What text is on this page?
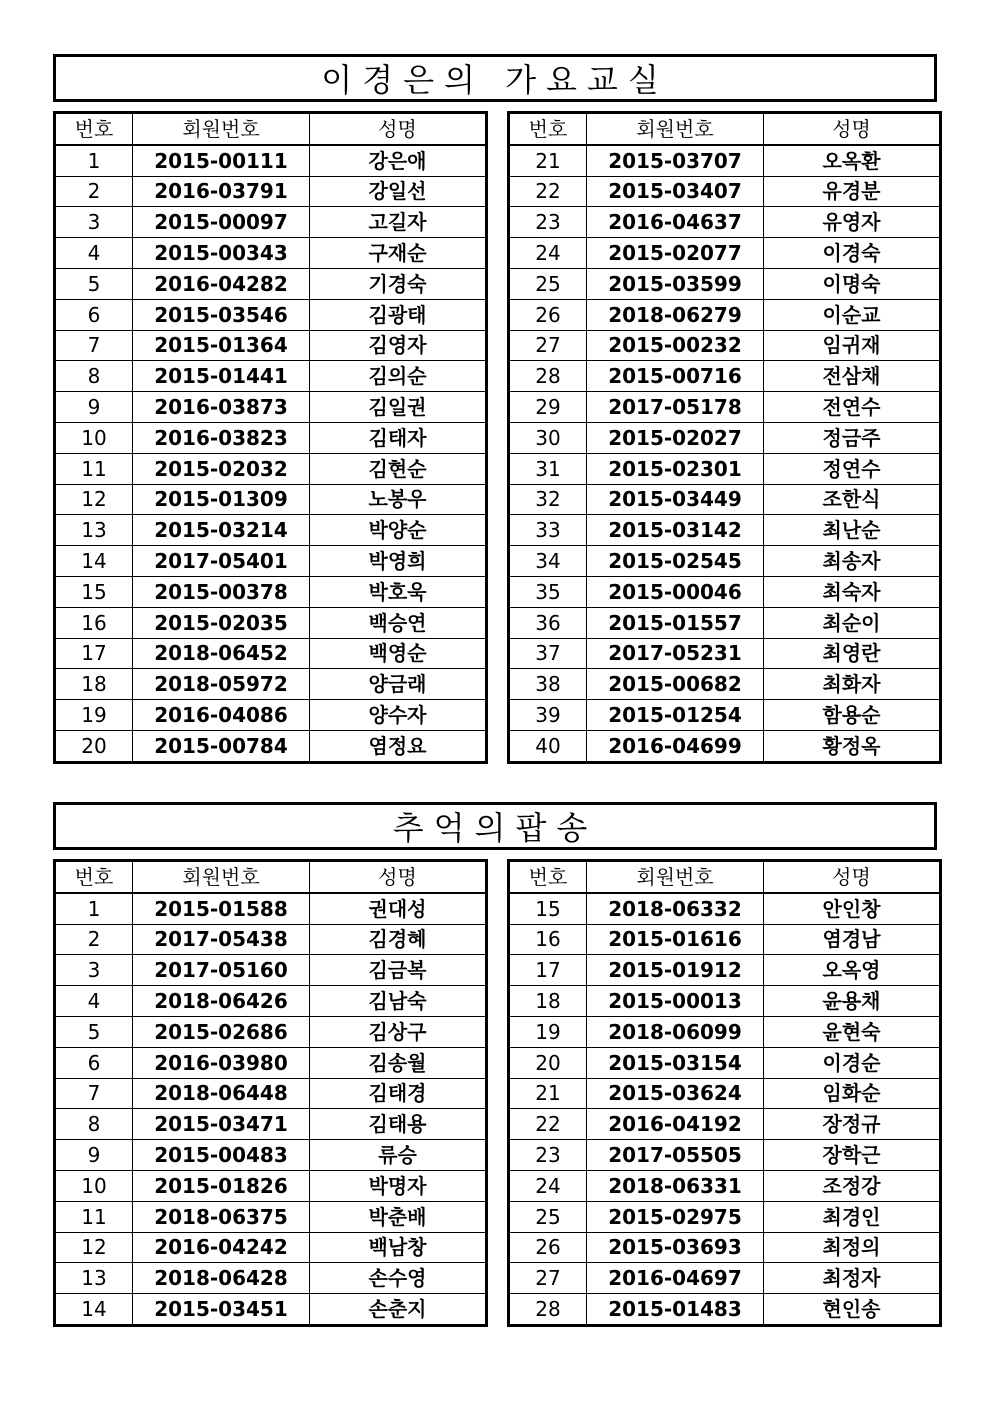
이경은의 가요교실
번호	회원번호	성명
1	2015-00111	강은애
2	2016-03791	강일선
3	2015-00097	고길자
4	2015-00343	구재순
5	2016-04282	기경숙
6	2015-03546	김광태
7	2015-01364	김영자
8	2015-01441	김의순
9	2016-03873	김일권
10	2016-03823	김태자
11	2015-02032	김현순
12	2015-01309	노봉우
13	2015-03214	박양순
14	2017-05401	박영희
15	2015-00378	박호욱
16	2015-02035	백승연
17	2018-06452	백영순
18	2018-05972	양금래
19	2016-04086	양수자
20	2015-00784	염정요
번호	회원번호	성명
21	2015-03707	오옥환
22	2015-03407	유경분
23	2016-04637	유영자
24	2015-02077	이경숙
25	2015-03599	이명숙
26	2018-06279	이순교
27	2015-00232	임귀재
28	2015-00716	전삼채
29	2017-05178	전연수
30	2015-02027	정금주
31	2015-02301	정연수
32	2015-03449	조한식
33	2015-03142	최난순
34	2015-02545	최송자
35	2015-00046	최숙자
36	2015-01557	최순이
37	2017-05231	최영란
38	2015-00682	최화자
39	2015-01254	함용순
40	2016-04699	황정옥
추억의팝송
번호	회원번호	성명
1	2015-01588	권대성
2	2017-05438	김경혜
3	2017-05160	김금복
4	2018-06426	김남숙
5	2015-02686	김상구
6	2016-03980	김송월
7	2018-06448	김태경
8	2015-03471	김태용
9	2015-00483	류승
10	2015-01826	박명자
11	2018-06375	박춘배
12	2016-04242	백남창
13	2018-06428	손수영
14	2015-03451	손춘지
번호	회원번호	성명
15	2018-06332	안인창
16	2015-01616	염경남
17	2015-01912	오옥영
18	2015-00013	윤용채
19	2018-06099	윤현숙
20	2015-03154	이경순
21	2015-03624	임화순
22	2016-04192	장정규
23	2017-05505	장학근
24	2018-06331	조정강
25	2015-02975	최경인
26	2015-03693	최정의
27	2016-04697	최정자
28	2015-01483	현인송
